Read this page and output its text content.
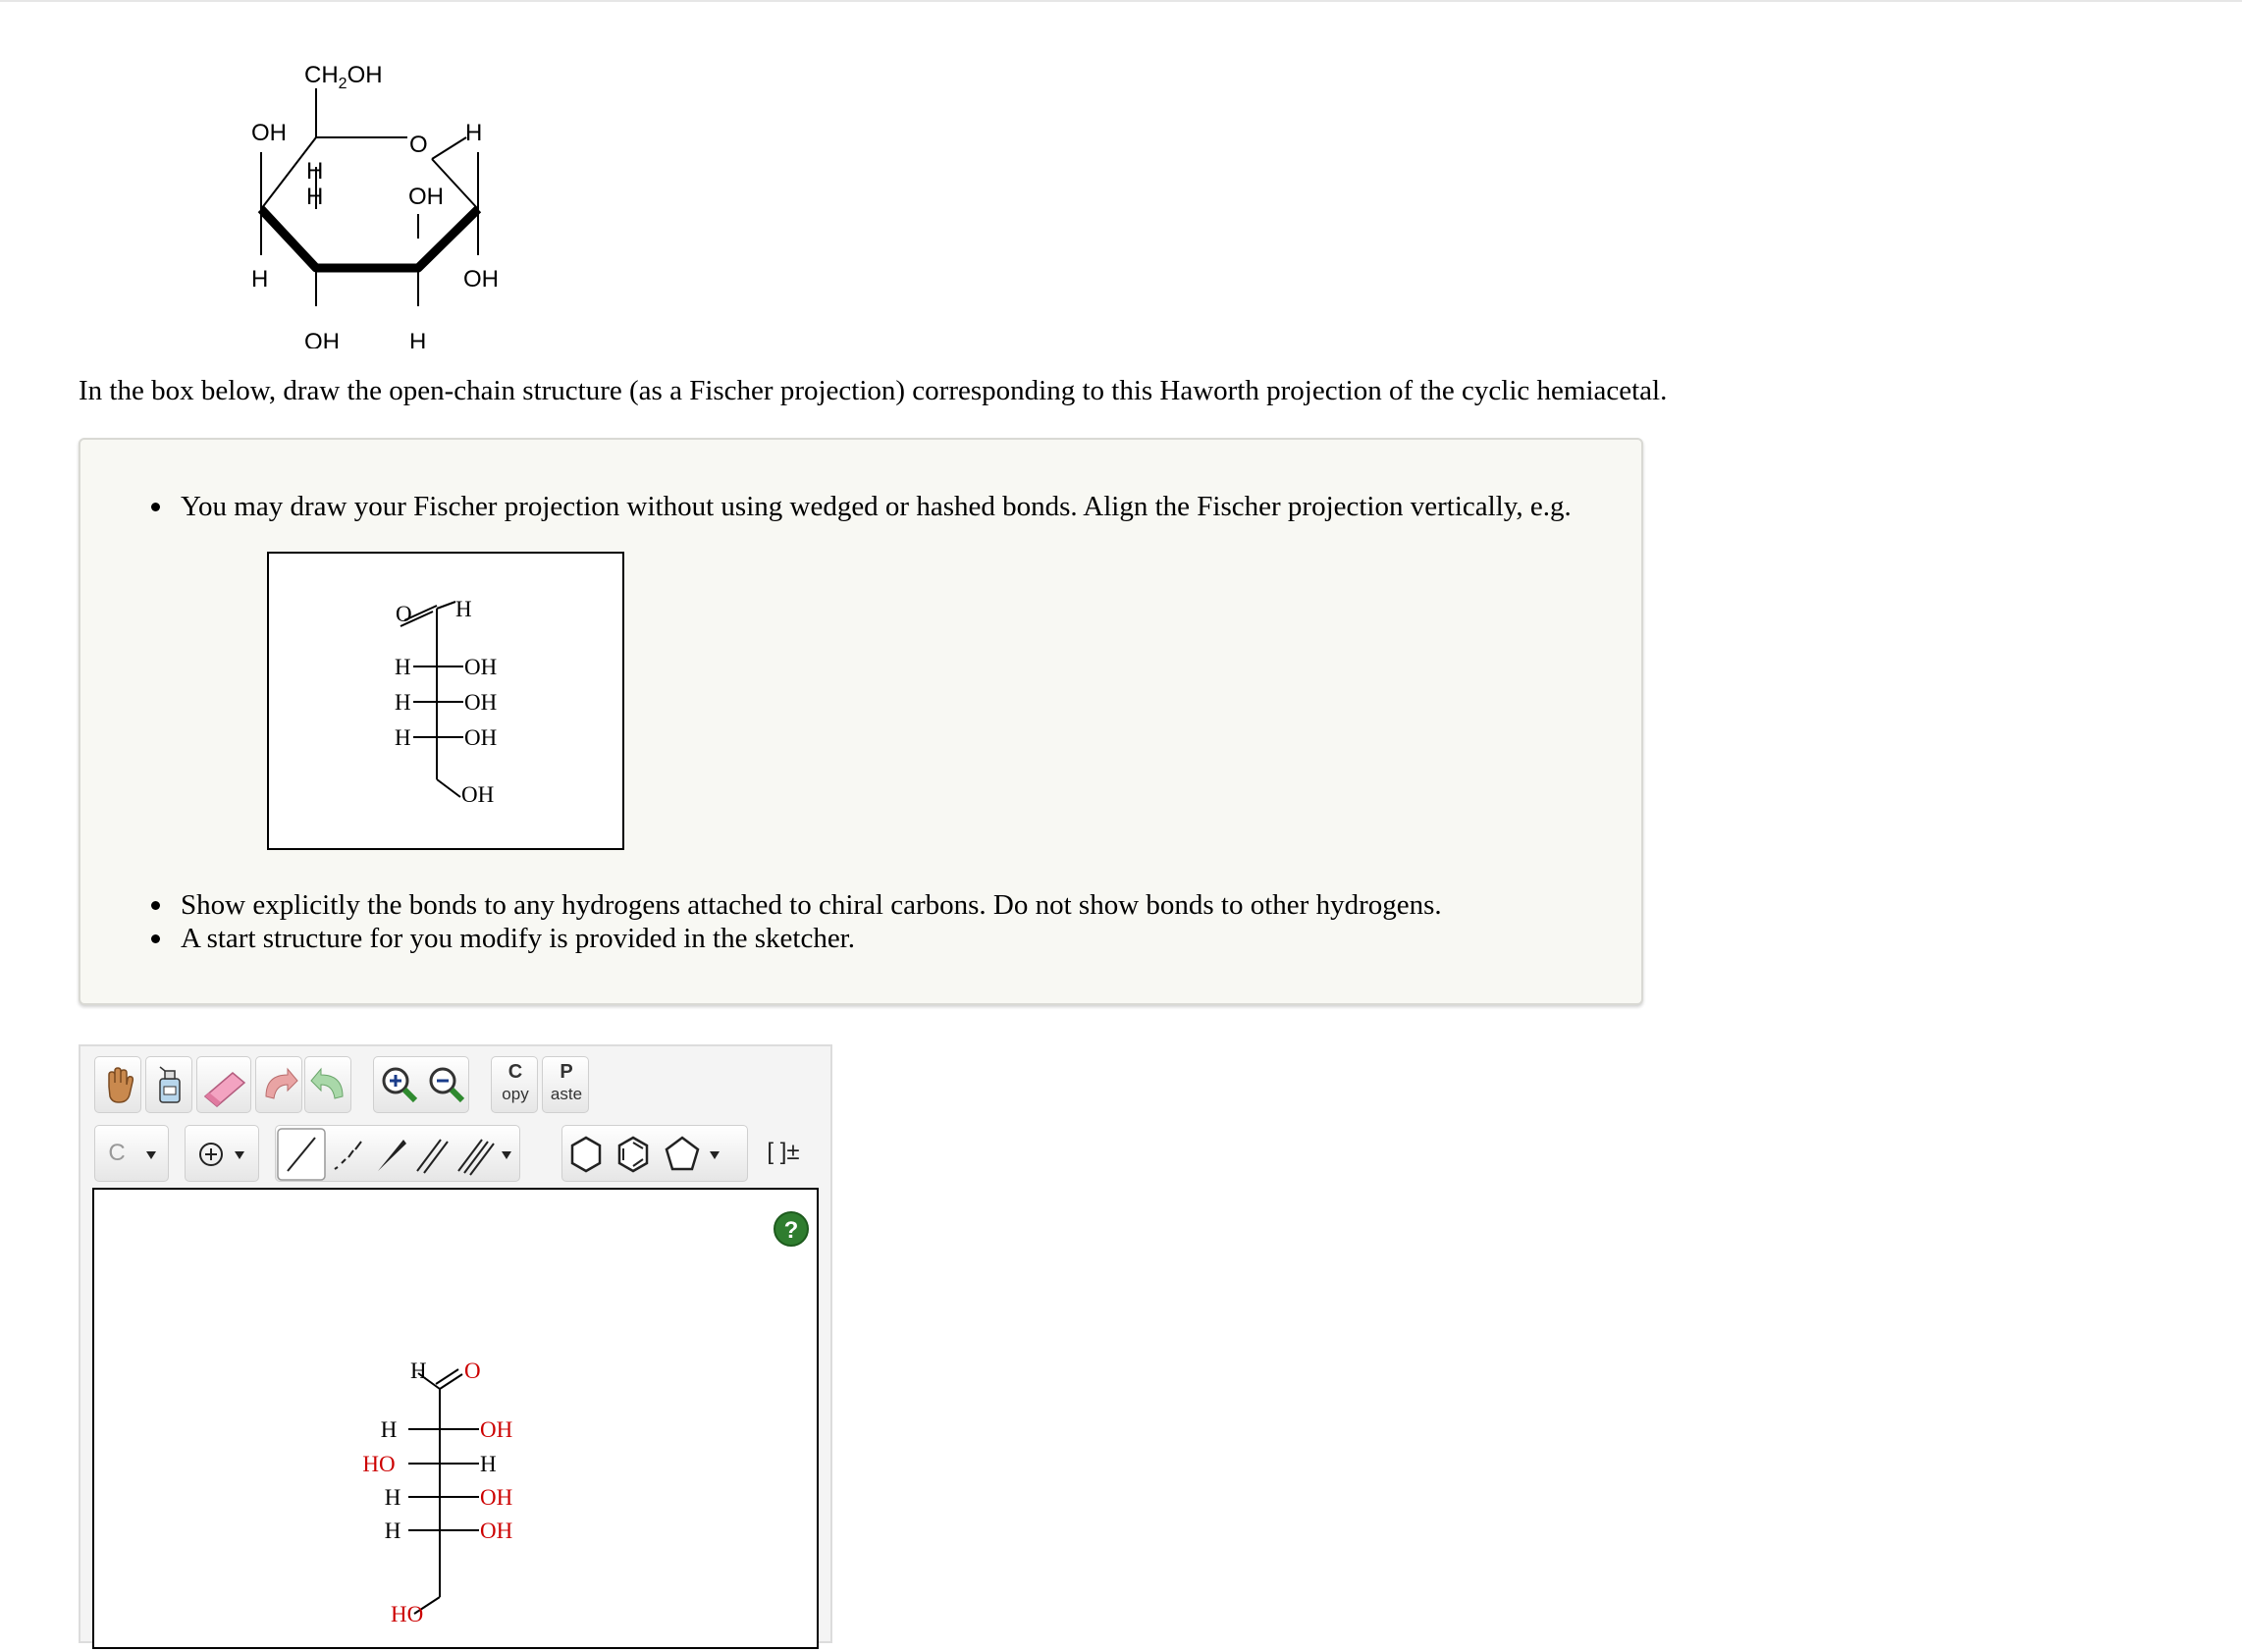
$CH_2OH$
OH	O H
H
H	OH
H	OH
OH	H
In the box below, draw the open-chain structure (as a Fischer projection) corresponding to this Haworth projection of the cyclic hemiacetal.
You may draw your Fischer projection without using wedged or hashed bonds. Align the Fischer projection vertically, e.g.
Show explicitly the bonds to any hydrogens attached to chiral carbons. Do not show bonds to other hydrogens.
A start structure for you modify is provided in the sketcher.
O H
H
H
H
OH
OH
OH
OH
C
opy
P
aste
C	[ ]±
?
H O
H	OH
HO	H
H	OH
H	OH
HO
